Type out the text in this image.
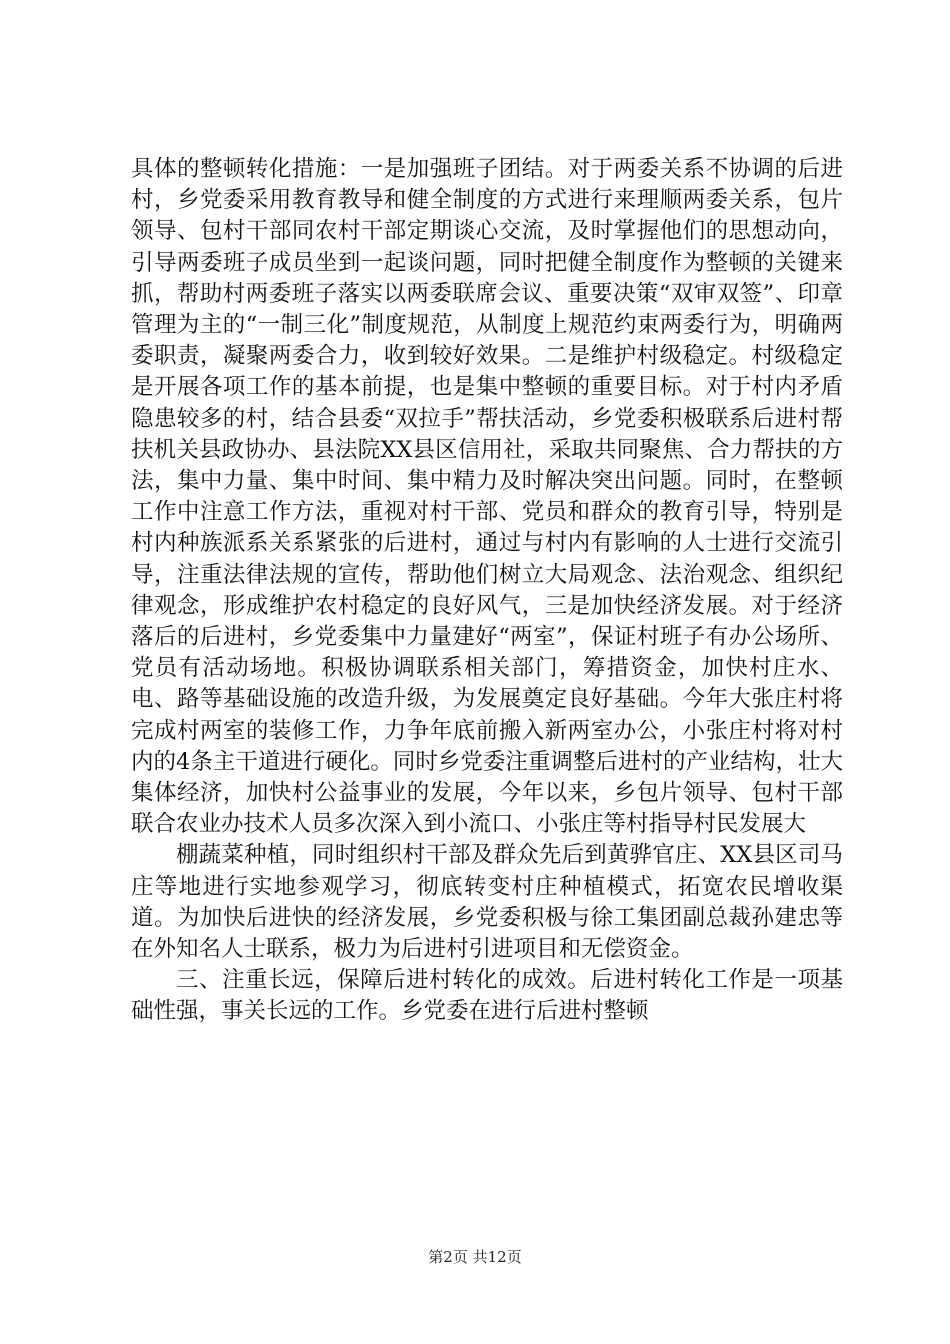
具体的整顿转化措施：一是加强班子团结。对于两委关系不协调的后进村，乡党委采用教育教导和健全制度的方式进行来理顺两委关系，包片领导、包村干部同农村干部定期谈心交流，及时掌握他们的思想动向，引导两委班子成员坐到一起谈问题，同时把健全制度作为整顿的关键来抓，帮助村两委班子落实以两委联席会议、重要决策“双审双签”、印章管理为主的“一制三化”制度规范，从制度上规范约束两委行为，明确两委职责，凝聚两委合力，收到较好效果。二是维护村级稳定。村级稳定是开展各项工作的基本前提，也是集中整顿的重要目标。对于村内矛盾隐患较多的村，结合县委“双拉手”帮扶活动，乡党委积极联系后进村帮扶机关县政协办、县法院XX县区信用社，采取共同聚焦、合力帮扶的方法，集中力量、集中时间、集中精力及时解决突出问题。同时，在整顿工作中注意工作方法，重视对村干部、党员和群众的教育引导，特别是村内种族派系关系紧张的后进村，通过与村内有影响的人士进行交流引导，注重法律法规的宣传，帮助他们树立大局观念、法治观念、组织纪律观念，形成维护农村稳定的良好风气，三是加快经济发展。对于经济落后的后进村，乡党委集中力量建好“两室”，保证村班子有办公场所、党员有活动场地。积极协调联系相关部门，筹措资金，加快村庄水、电、路等基础设施的改造升级，为发展奠定良好基础。今年大张庄村将完成村两室的装修工作，力争年底前搬入新两室办公，小张庄村将对村内的4条主干道进行硬化。同时乡党委注重调整后进村的产业结构，壮大集体经济，加快村公益事业的发展，今年以来，乡包片领导、包村干部联合农业办技术人员多次深入到小流口、小张庄等村指导村民发展大

棚蔬菜种植，同时组织村干部及群众先后到黄骅官庄、XX县区司马庄等地进行实地参观学习，彻底转变村庄种植模式，拓宽农民增收渠道。为加快后进快的经济发展，乡党委积极与徐工集团副总裁孙建忠等在外知名人士联系，极力为后进村引进项目和无偿资金。

三、注重长远，保障后进村转化的成效。后进村转化工作是一项基础性强，事关长远的工作。乡党委在进行后进村整顿

第2页 共12页
